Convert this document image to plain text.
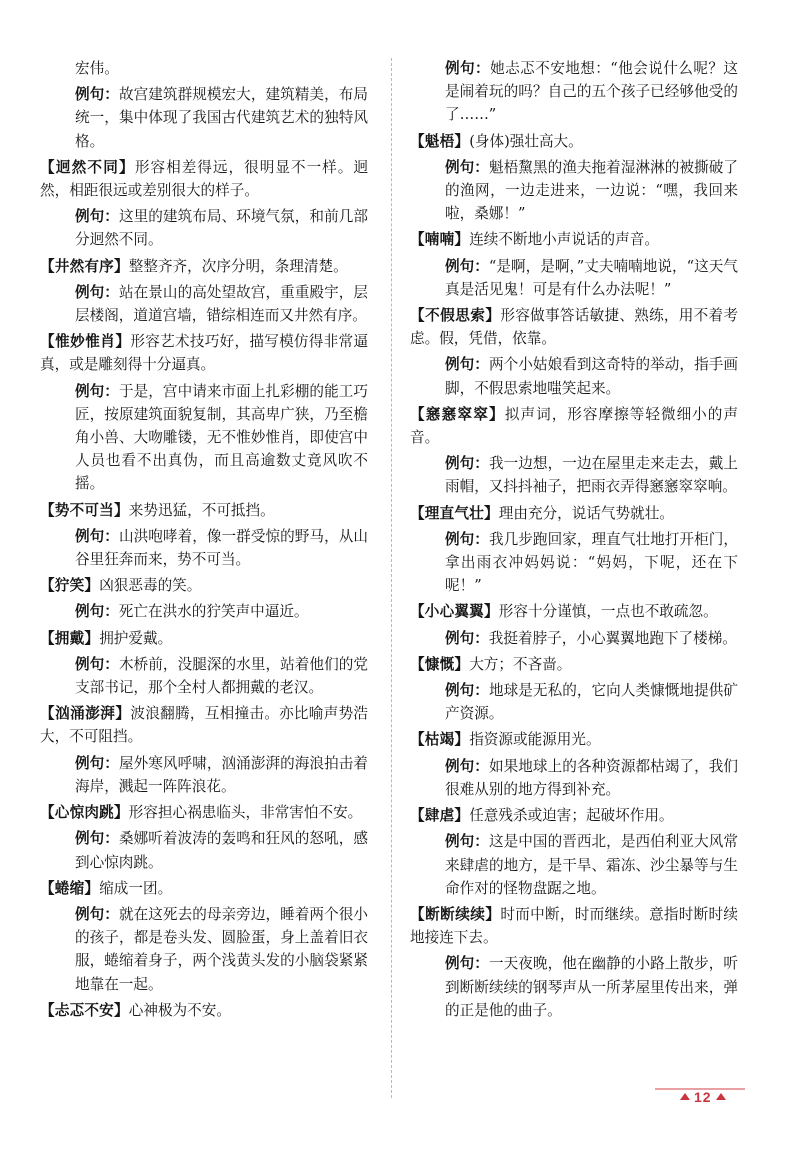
宏伟。

例句：故宫建筑群规模宏大，建筑精美，布局统一，集中体现了我国古代建筑艺术的独特风格。

【迥然不同】形容相差得远，很明显不一样。迥然，相距很远或差别很大的样子。

例句：这里的建筑布局、环境气氛，和前几部分迥然不同。

【井然有序】整整齐齐，次序分明，条理清楚。

例句：站在景山的高处望故宫，重重殿宇，层层楼阁，道道宫墙，错综相连而又井然有序。

【惟妙惟肖】形容艺术技巧好，描写模仿得非常逼真，或是雕刻得十分逼真。

例句：于是，宫中请来市面上扎彩棚的能工巧匠，按原建筑面貌复制，其高卑广狭，乃至檐角小兽、大吻雕镂，无不惟妙惟肖，即使宫中人员也看不出真伪，而且高逾数丈竟风吹不摇。

【势不可当】来势迅猛，不可抵挡。

例句：山洪咆哮着，像一群受惊的野马，从山谷里狂奔而来，势不可当。

【狞笑】凶狠恶毒的笑。

例句：死亡在洪水的狞笑声中逼近。

【拥戴】拥护爱戴。

例句：木桥前，没腿深的水里，站着他们的党支部书记，那个全村人都拥戴的老汉。

【汹涌澎湃】波浪翻腾，互相撞击。亦比喻声势浩大，不可阻挡。

例句：屋外寒风呼啸，汹涌澎湃的海浪拍击着海岸，溅起一阵阵浪花。

【心惊肉跳】形容担心祸患临头，非常害怕不安。

例句：桑娜听着波涛的轰鸣和狂风的怒吼，感到心惊肉跳。

【蜷缩】缩成一团。

例句：就在这死去的母亲旁边，睡着两个很小的孩子，都是卷头发、圆脸蛋，身上盖着旧衣服，蜷缩着身子，两个浅黄头发的小脑袋紧紧地靠在一起。

【忐忑不安】心神极为不安。

例句：她忐忑不安地想：“他会说什么呢？这是闹着玩的吗？自己的五个孩子已经够他受的了……”

【魁梧】(身体)强壮高大。

例句：魁梧黧黑的渔夫拖着湿淋淋的被撕破了的渔网，一边走进来，一边说：“嘿，我回来啦，桑娜！”

【喃喃】连续不断地小声说话的声音。

例句：“是啊，是啊，”丈夫喃喃地说，“这天气真是活见鬼！可是有什么办法呢！”

【不假思索】形容做事答话敏捷、熟练，用不着考虑。假，凭借，依靠。

例句：两个小姑娘看到这奇特的举动，指手画脚，不假思索地嗤笑起来。

【窸窸窣窣】拟声词，形容摩擦等轻微细小的声音。

例句：我一边想，一边在屋里走来走去，戴上雨帽，又抖抖袖子，把雨衣弄得窸窸窣窣响。

【理直气壮】理由充分，说话气势就壮。

例句：我几步跑回家，理直气壮地打开柜门，拿出雨衣冲妈妈说：“妈妈，下呢，还在下呢！”

【小心翼翼】形容十分谨慎，一点也不敢疏忽。

例句：我挺着脖子，小心翼翼地跑下了楼梯。

【慷慨】大方；不吝啬。

例句：地球是无私的，它向人类慷慨地提供矿产资源。

【枯竭】指资源或能源用光。

例句：如果地球上的各种资源都枯竭了，我们很难从别的地方得到补充。

【肆虐】任意残杀或迫害；起破坏作用。

例句：这是中国的晋西北，是西伯利亚大风常来肆虐的地方，是干旱、霜冻、沙尘暴等与生命作对的怪物盘踞之地。

【断断续续】时而中断，时而继续。意指时断时续地接连下去。

例句：一天夜晚，他在幽静的小路上散步，听到断断续续的钢琴声从一所茅屋里传出来，弹的正是他的曲子。

12
